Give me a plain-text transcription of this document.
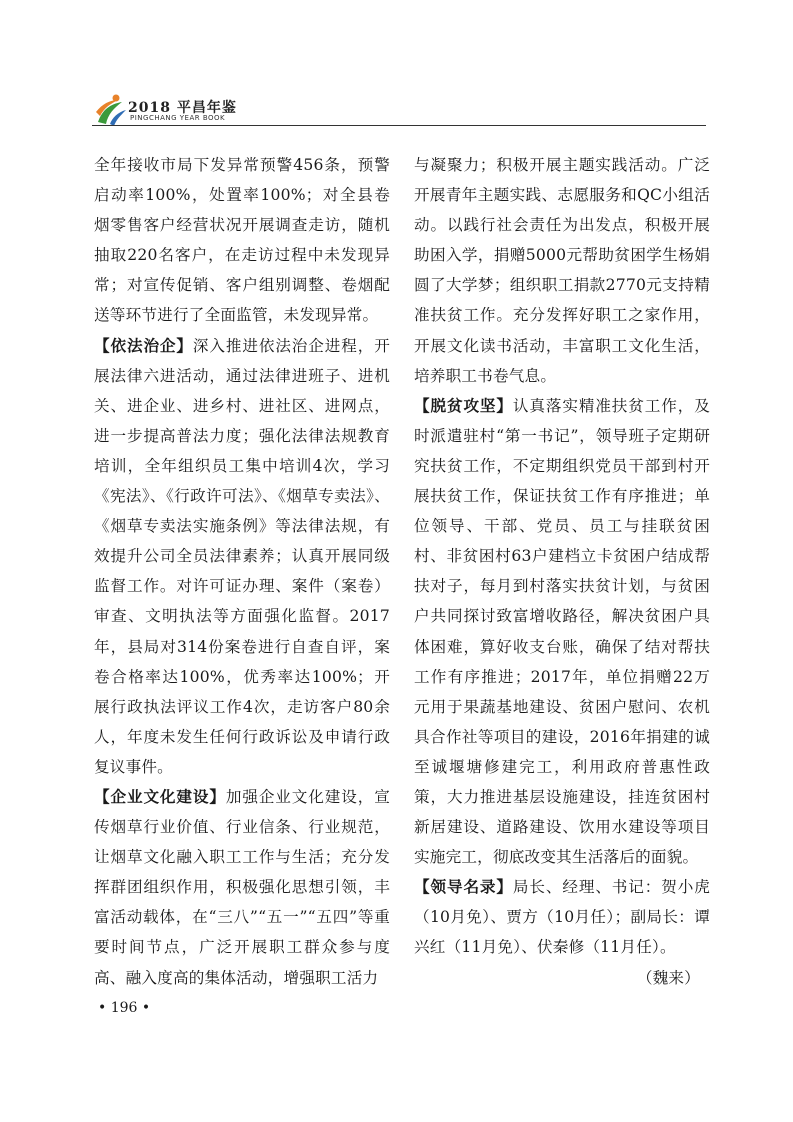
2018 平昌年鉴
PINGCHANG YEAR BOOK

全年接收市局下发异常预警456条，预警启动率100%，处置率100%；对全县卷烟零售客户经营状况开展调查走访，随机抽取220名客户，在走访过程中未发现异常；对宣传促销、客户组别调整、卷烟配送等环节进行了全面监管，未发现异常。

【依法治企】深入推进依法治企进程，开展法律六进活动，通过法律进班子、进机关、进企业、进乡村、进社区、进网点，进一步提高普法力度；强化法律法规教育培训，全年组织员工集中培训4次，学习《宪法》、《行政许可法》、《烟草专卖法》、《烟草专卖法实施条例》等法律法规，有效提升公司全员法律素养；认真开展同级监督工作。对许可证办理、案件（案卷）审查、文明执法等方面强化监督。2017年，县局对314份案卷进行自查自评，案卷合格率达100%，优秀率达100%；开展行政执法评议工作4次，走访客户80余人，年度未发生任何行政诉讼及申请行政复议事件。

【企业文化建设】加强企业文化建设，宣传烟草行业价值、行业信条、行业规范，让烟草文化融入职工工作与生活；充分发挥群团组织作用，积极强化思想引领，丰富活动载体，在“三八”“五一”“五四”等重要时间节点，广泛开展职工群众参与度高、融入度高的集体活动，增强职工活力

与凝聚力；积极开展主题实践活动。广泛开展青年主题实践、志愿服务和QC小组活动。以践行社会责任为出发点，积极开展助困入学，捐赠5000元帮助贫困学生杨娟圆了大学梦；组织职工捐款2770元支持精准扶贫工作。充分发挥好职工之家作用，开展文化读书活动，丰富职工文化生活，培养职工书卷气息。

【脱贫攻坚】认真落实精准扶贫工作，及时派遣驻村“第一书记”，领导班子定期研究扶贫工作，不定期组织党员干部到村开展扶贫工作，保证扶贫工作有序推进；单位领导、干部、党员、员工与挂联贫困村、非贫困村63户建档立卡贫困户结成帮扶对子，每月到村落实扶贫计划，与贫困户共同探讨致富增收路径，解决贫困户具体困难，算好收支台账，确保了结对帮扶工作有序推进；2017年，单位捐赠22万元用于果蔬基地建设、贫困户慰问、农机具合作社等项目的建设，2016年捐建的诚至诚堰塘修建完工，利用政府普惠性政策，大力推进基层设施建设，挂连贫困村新居建设、道路建设、饮用水建设等项目实施完工，彻底改变其生活落后的面貌。

【领导名录】局长、经理、书记：贺小虎（10月免）、贾方（10月任）；副局长：谭兴红（11月免）、伏秦修（11月任）。

（魏来）

• 196 •
